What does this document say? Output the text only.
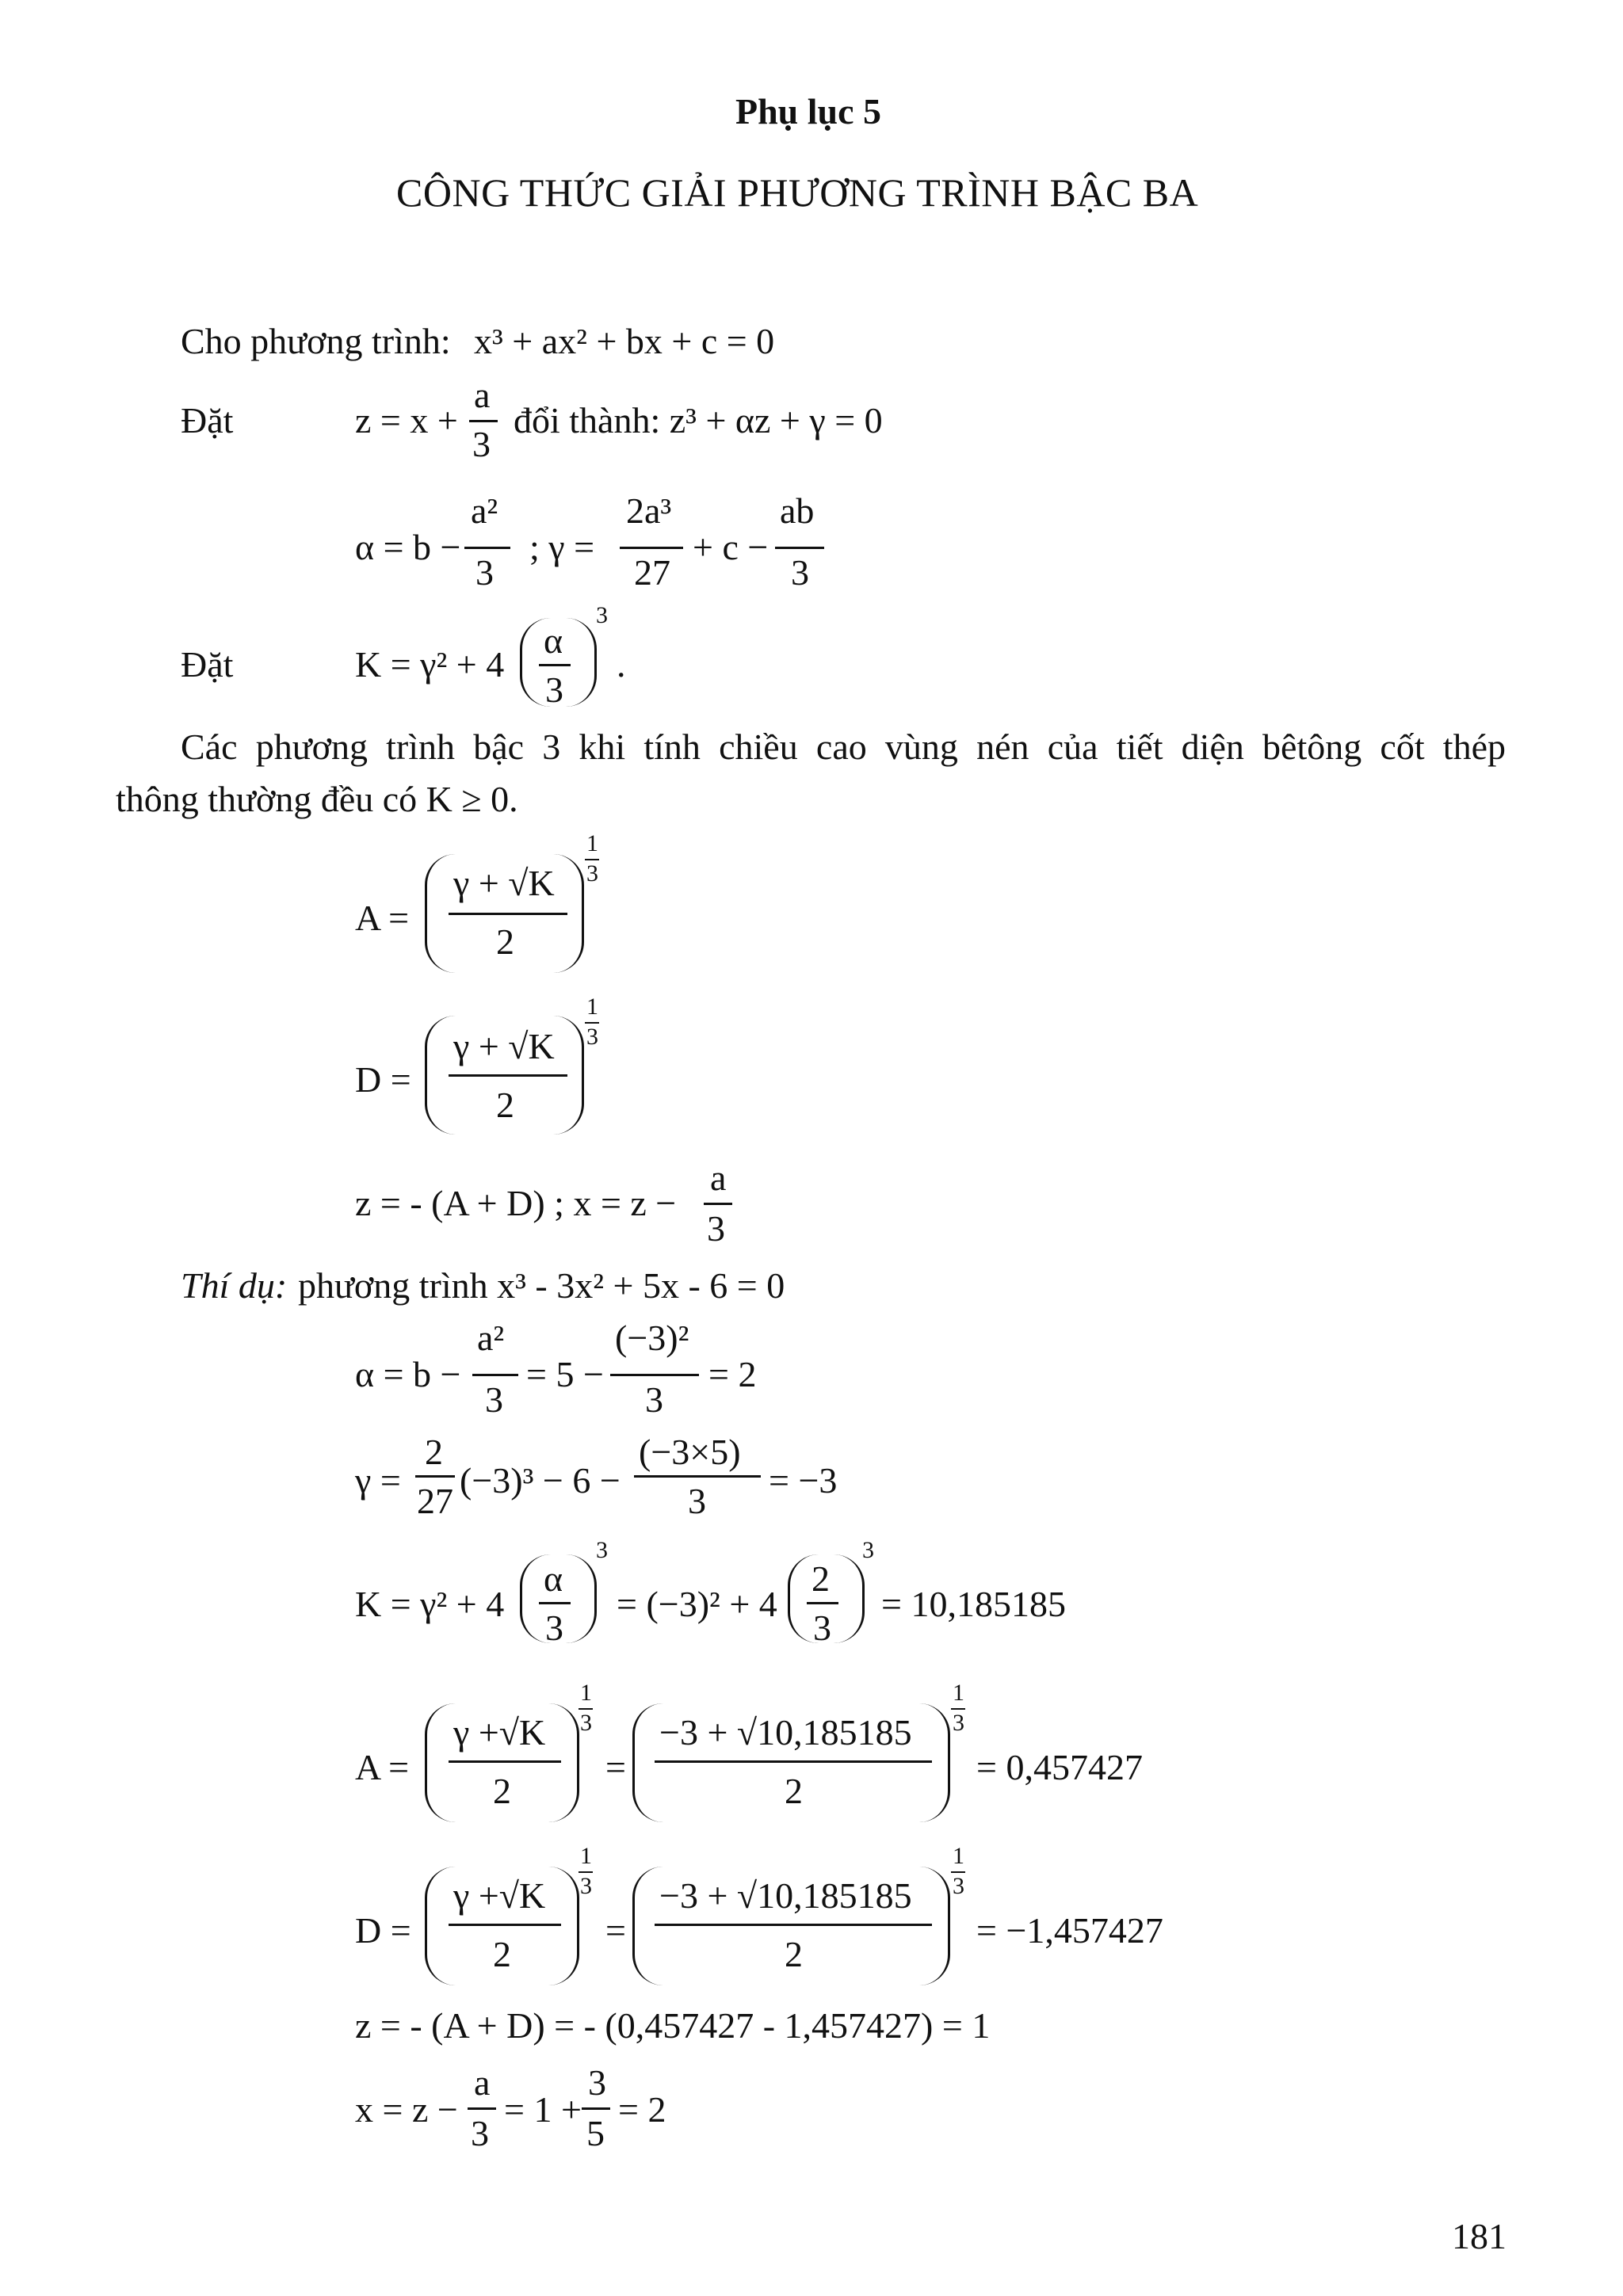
Phụ lục 5
CÔNG THỨC GIẢI PHƯƠNG TRÌNH BẬC BA
Cho phương trình: x³ + ax² + bx + c = 0
Đặt	z = x +
a
3
đổi thành: z³ + αz + γ = 0
α = b −
a²
3
; γ =
2a³
27
+ c −
ab
3
Đặt	K = γ² + 4
α
3
3
.
Các phương trình bậc 3 khi tính chiều cao vùng nén của tiết diện bêtông cốt thép
thông thường đều có K ≥ 0.
A =
γ + √K
2
1
3
D =
γ + √K
2
1
3
z = - (A + D) ; x = z −
a
3
Thí dụ: phương trình x³ - 3x² + 5x - 6 = 0
α = b −
a²
3
= 5 −
(−3)²
3
= 2
γ =
2
27
(−3)³ − 6 −
(−3×5)
3
= −3
K = γ² + 4
α
3
3
= (−3)² + 4
2
3
3
= 10,185185
A =
γ +√K
2
1
3
=
−3 + √10,185185
2
1
3
= 0,457427
D =
γ +√K
2
1
3
=
−3 + √10,185185
2
1
3
= −1,457427
z = - (A + D) = - (0,457427 - 1,457427) = 1
x = z −
a
3
= 1 +
3
5
= 2
181
